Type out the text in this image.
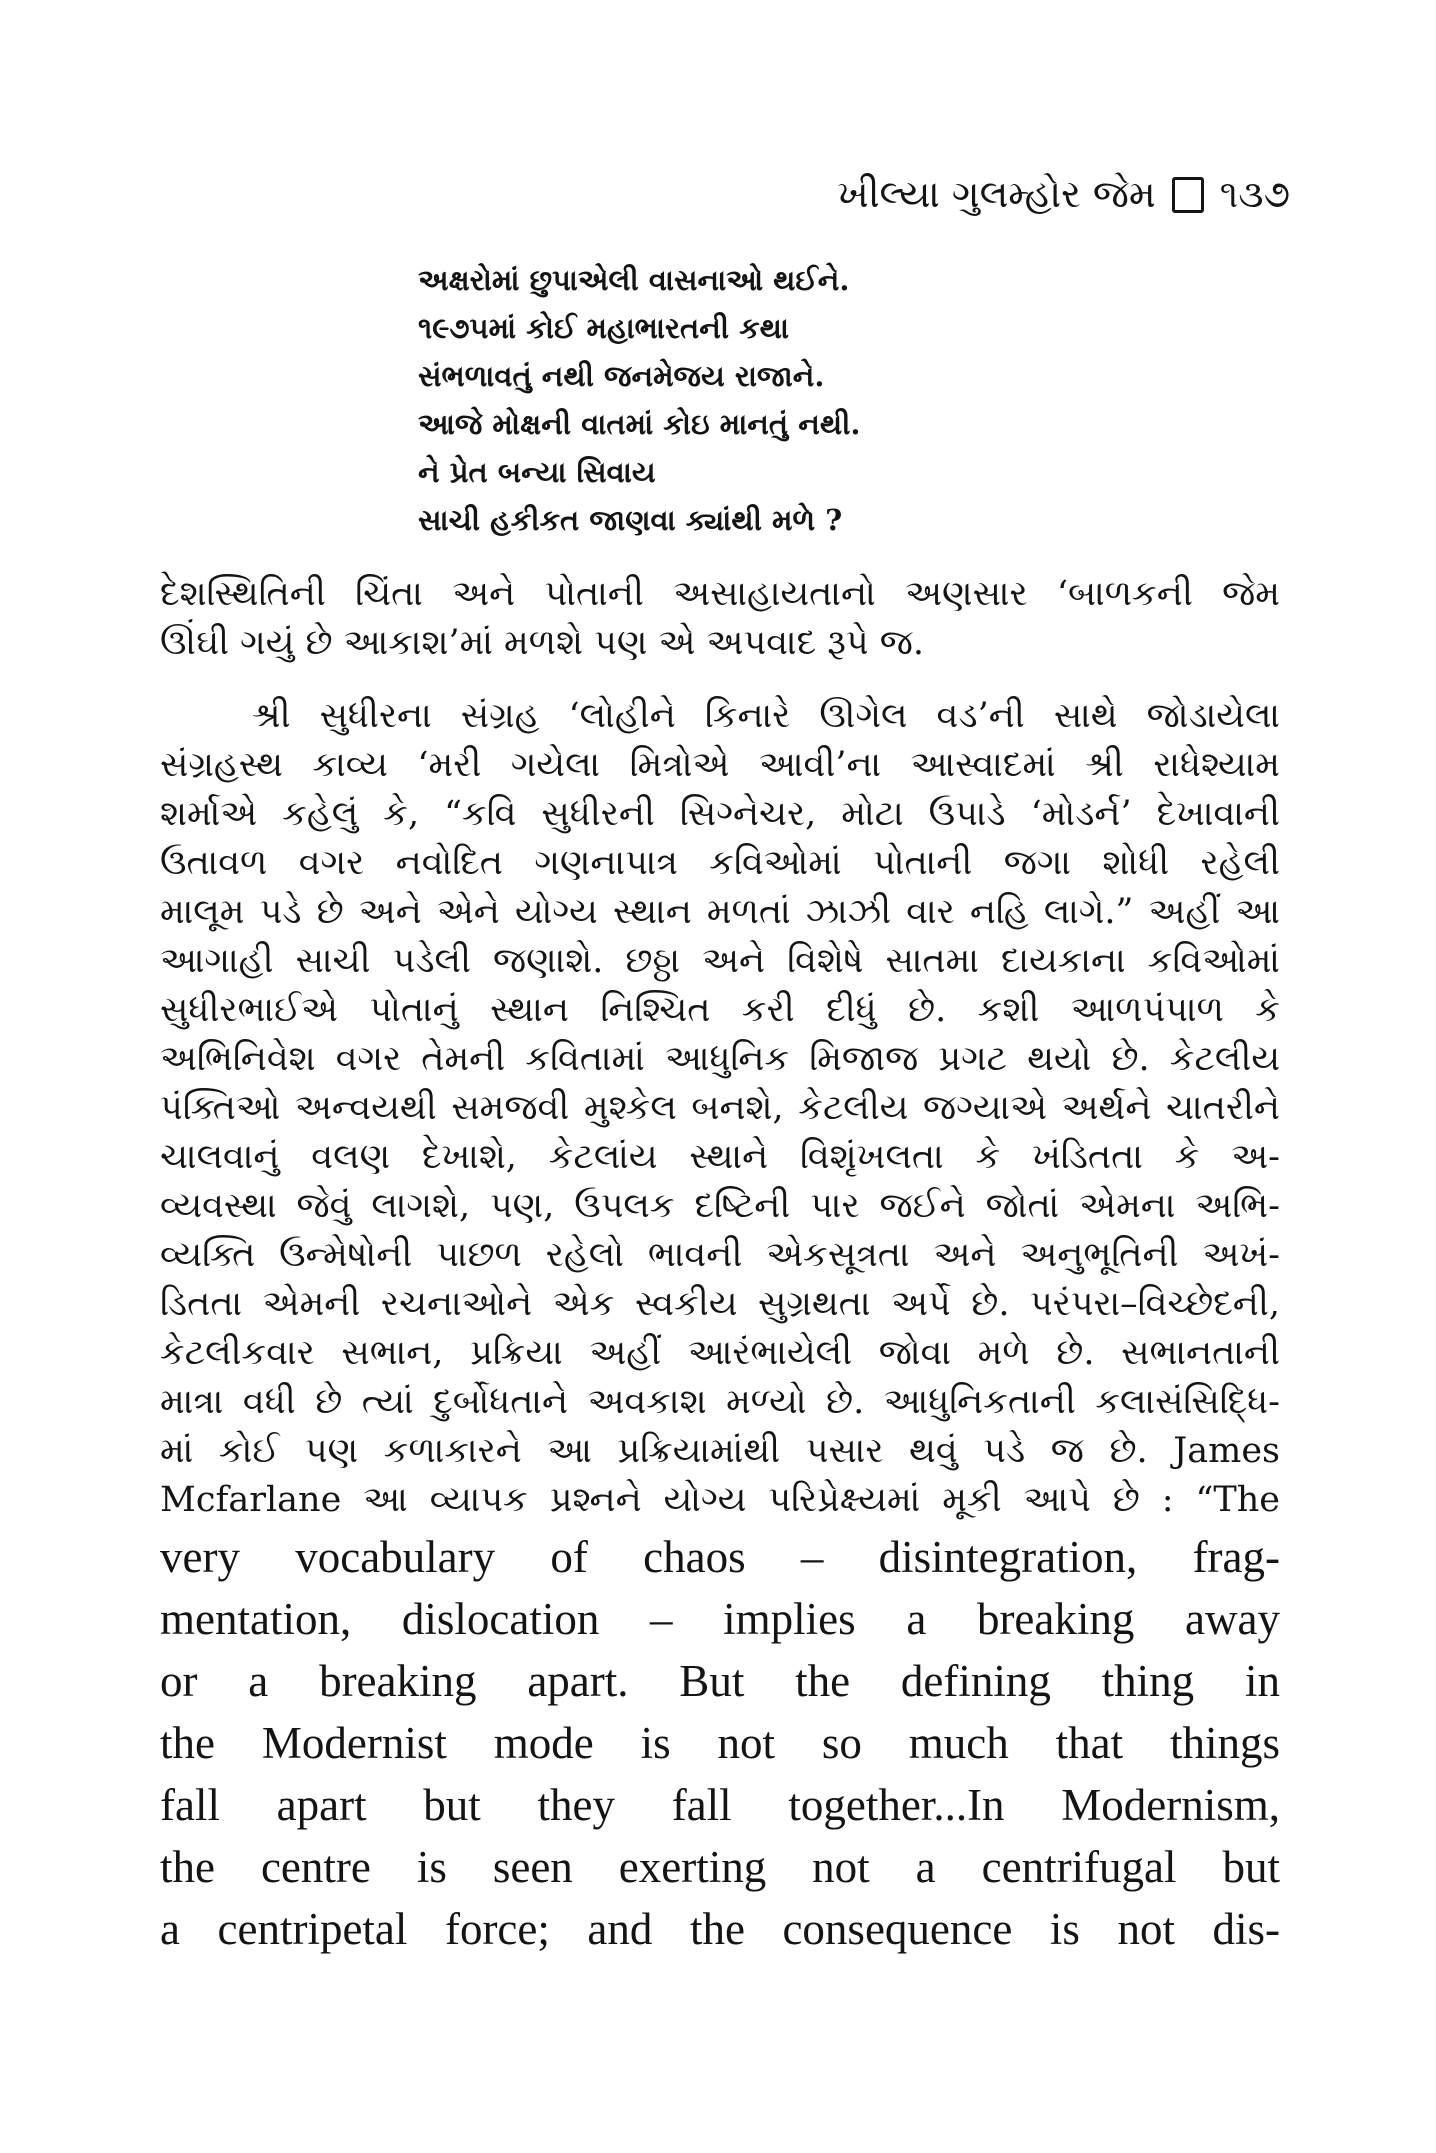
ખીલ્યા ગુલમ્હોર જેમ ૧૩૭
અક્ષરોમાં છુપાએલી વાસનાઓ થઈને.
૧૯૭૫માં કોઈ મહાભારતની કથા
સંભળાવતું નથી જનમેજય રાજાને.
આજે મોક્ષની વાતમાં કોઇ માનતું નથી.
ને પ્રેત બન્યા સિવાય
સાચી હકીકત જાણવા ક્યાંથી મળે ?
દેશસ્થિતિની ચિંતા અને પોતાની અસાહાયતાનો અણસાર ‘બાળકની જેમ
ઊંઘી ગયું છે આકાશ’માં મળશે પણ એ અપવાદ રૂપે જ.
શ્રી સુધીરના સંગ્રહ ‘લોહીને કિનારે ઊગેલ વડ’ની સાથે જોડાયેલા
સંગ્રહસ્થ કાવ્ય ‘મરી ગયેલા મિત્રોએ આવી’ના આસ્વાદમાં શ્રી રાધેશ્યામ
શર્માએ કહેલું કે, “કવિ સુધીરની સિગ્નેચર, મોટા ઉપાડે ‘મોડર્ન’ દેખાવાની
ઉતાવળ વગર નવોદિત ગણનાપાત્ર કવિઓમાં પોતાની જગા શોધી રહેલી
માલૂમ પડે છે અને એને યોગ્ય સ્થાન મળતાં ઝાઝી વાર નહિ લાગે.” અહીં આ
આગાહી સાચી પડેલી જણાશે. છઠ્ઠા અને વિશેષે સાતમા દાયકાના કવિઓમાં
સુધીરભાઈએ પોતાનું સ્થાન નિશ્ચિત કરી દીધું છે. કશી આળપંપાળ કે
અભિનિવેશ વગર તેમની કવિતામાં આધુનિક મિજાજ પ્રગટ થયો છે. કેટલીય
પંક્તિઓ અન્વયથી સમજવી મુશ્કેલ બનશે, કેટલીય જગ્યાએ અર્થને ચાતરીને
ચાલવાનું વલણ દેખાશે, કેટલાંય સ્થાને વિશૃંખલતા કે ખંડિતતા કે અ-
વ્યવસ્થા જેવું લાગશે, પણ, ઉપલક દષ્ટિની પાર જઈને જોતાં એમના અભિ-
વ્યક્તિ ઉન્મેષોની પાછળ રહેલો ભાવની એકસૂત્રતા અને અનુભૂતિની અખં-
ડિતતા એમની રચનાઓને એક સ્વકીય સુગ્રથતા અર્પે છે. પરંપરા–વિચ્છેદની,
કેટલીકવાર સભાન, પ્રક્રિયા અહીં આરંભાયેલી જોવા મળે છે. સભાનતાની
માત્રા વધી છે ત્યાં દુર્બોધતાને અવકાશ મળ્યો છે. આધુનિકતાની કલાસંસિદ્ધિ-
માં કોઈ પણ કળાકારને આ પ્રક્રિયામાંથી પસાર થવું પડે જ છે. James
Mcfarlane આ વ્યાપક પ્રશ્નને યોગ્ય પરિપ્રેક્ષ્યમાં મૂકી આપે છે : “The
very vocabulary of chaos – disintegration, frag-
mentation, dislocation – implies a breaking away
or a breaking apart. But the defining thing in
the Modernist mode is not so much that things
fall apart but they fall together...In Modernism,
the centre is seen exerting not a centrifugal but
a centripetal force; and the consequence is not dis-
